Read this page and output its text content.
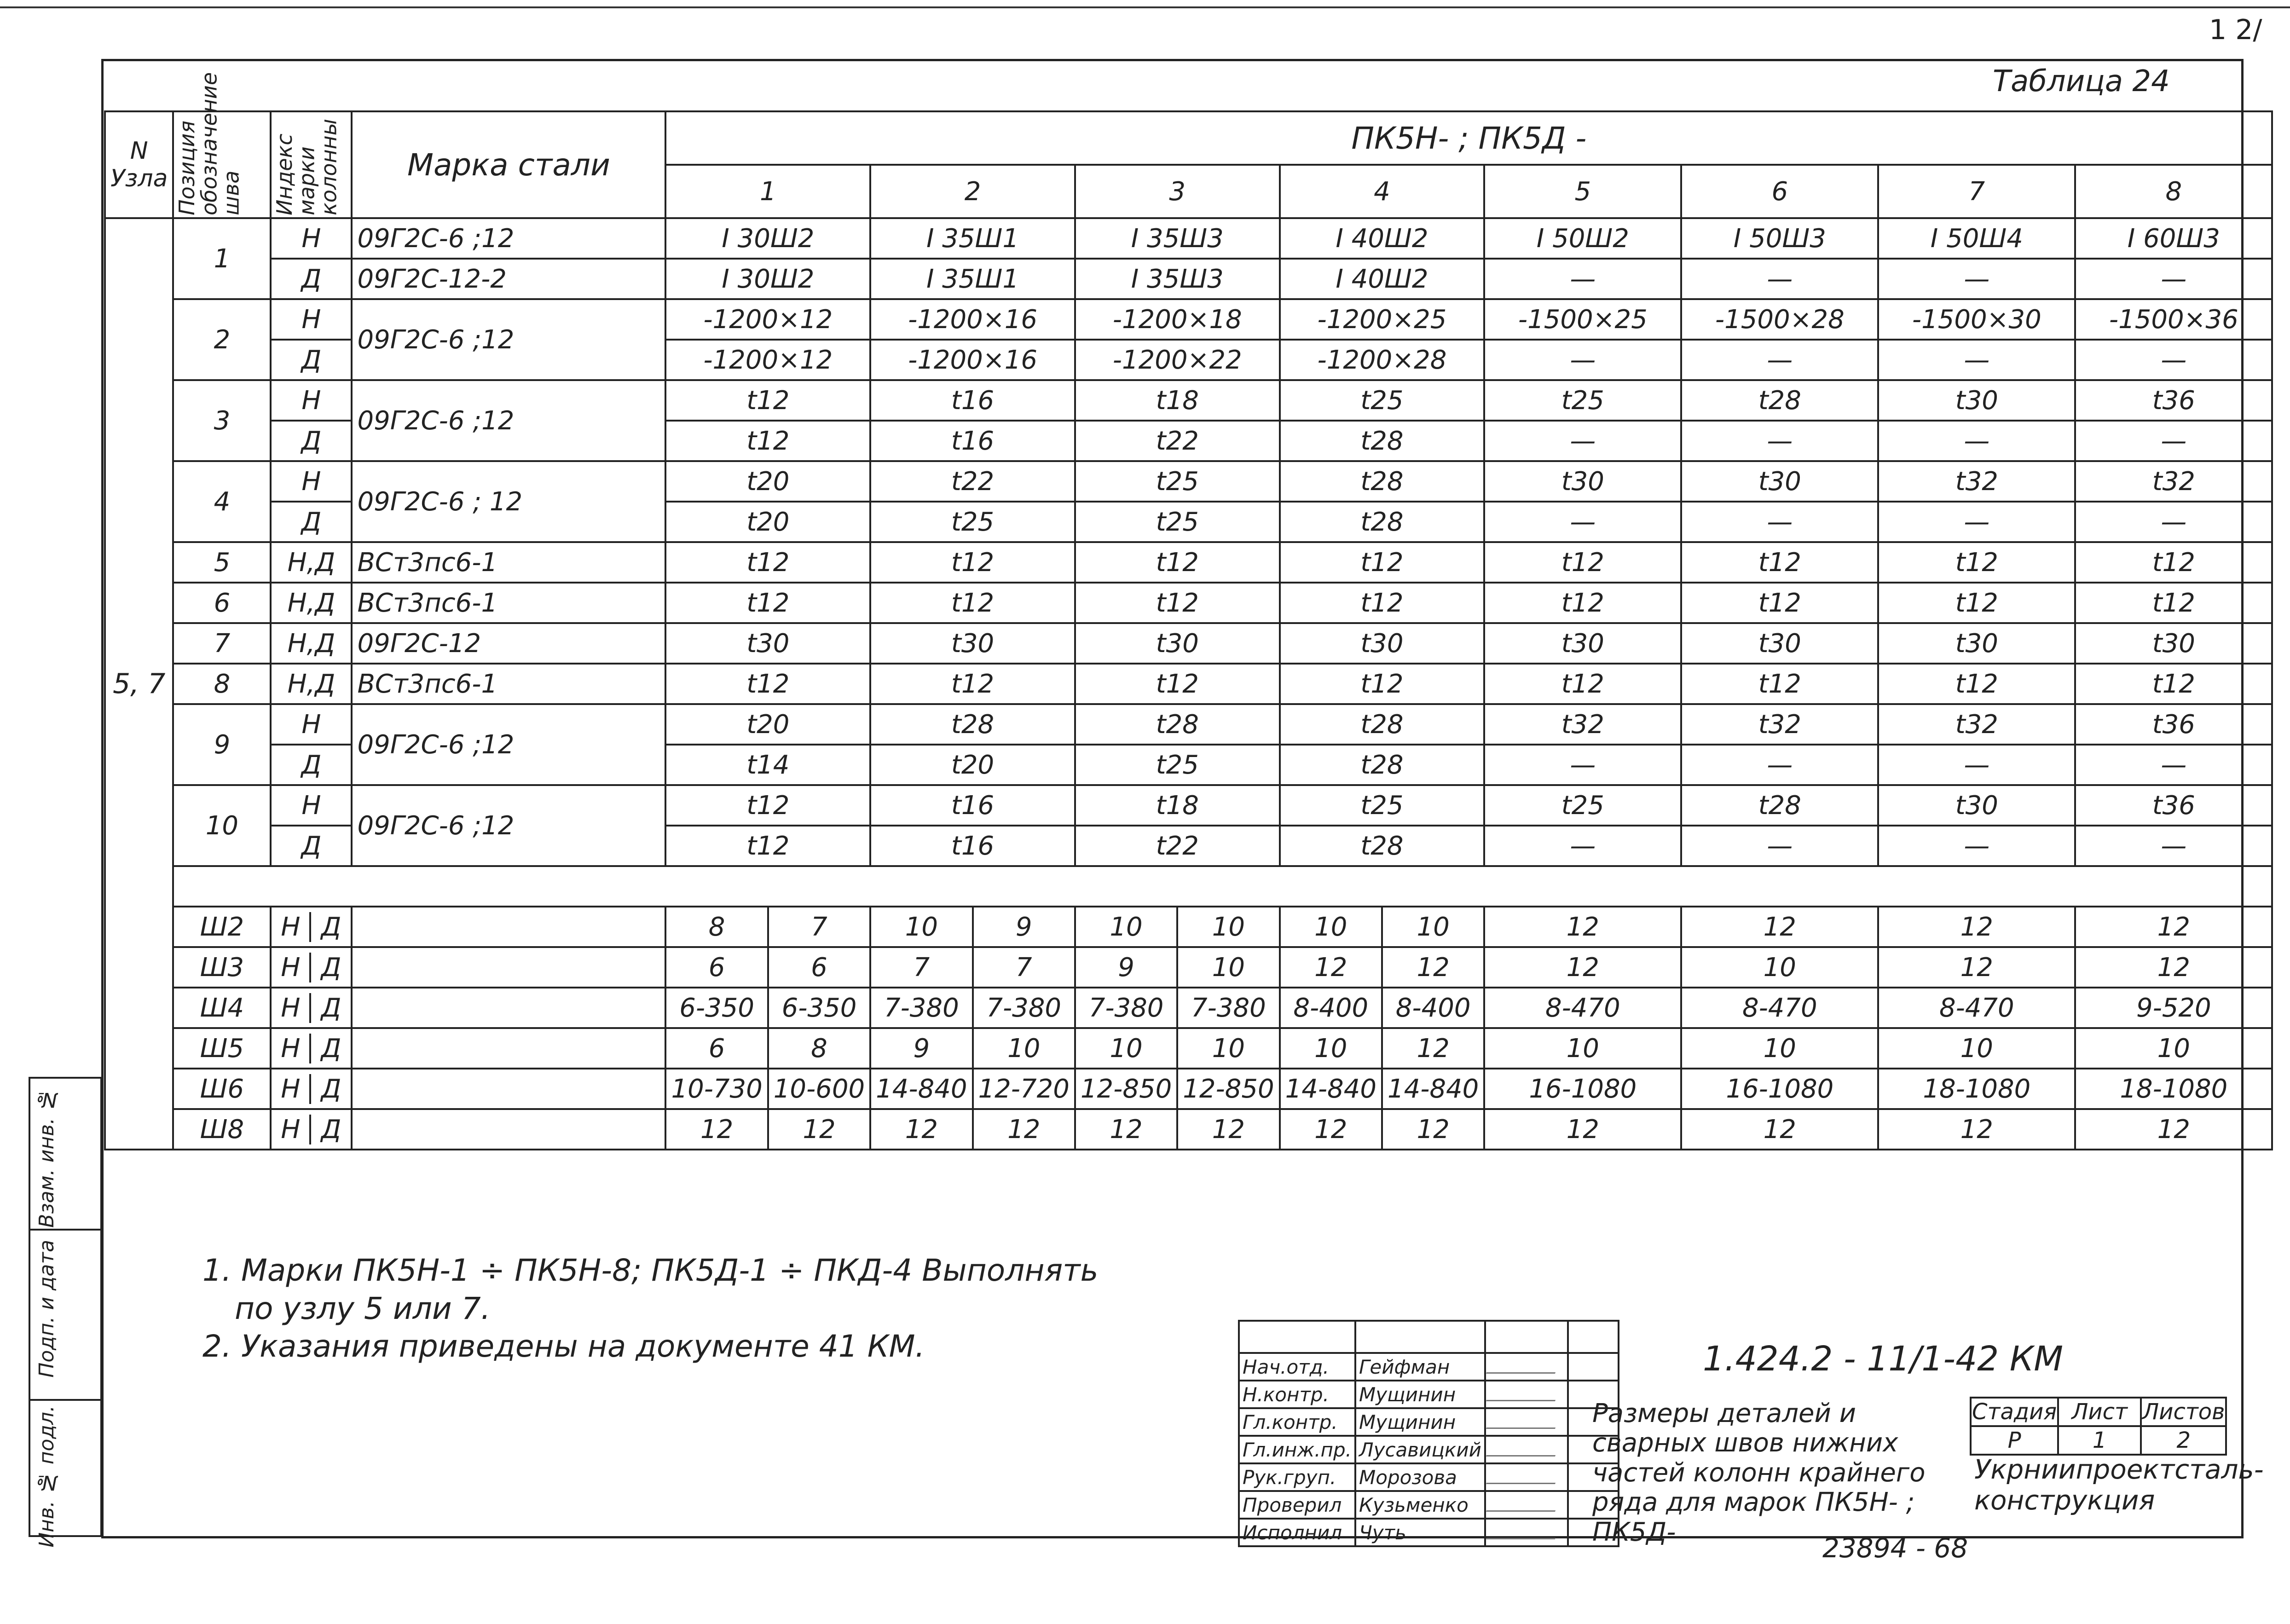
1 2/
Таблица 24
N Узла	Позиция обозначение шва	Индекс марки колонны	Марка стали	ПК5Н- ; ПК5Д -											
				1		2		3		4		5	6	7	8
5, 7	1	Н	09Г2С-6 ;12	I 30Ш2		I 35Ш1		I 35Ш3		I 40Ш2		I 50Ш2	I 50Ш3	I 50Ш4	I 60Ш3
		Д	09Г2С-12-2	I 30Ш2		I 35Ш1		I 35Ш3		I 40Ш2		—	—	—	—
	2	Н	09Г2С-6 ;12	-1200×12		-1200×16		-1200×18		-1200×25		-1500×25	-1500×28	-1500×30	-1500×36
		Д		-1200×12		-1200×16		-1200×22		-1200×28		—	—	—	—
	3	Н	09Г2С-6 ;12	t12		t16		t18		t25		t25	t28	t30	t36
		Д		t12		t16		t22		t28		—	—	—	—
	4	Н	09Г2С-6 ; 12	t20		t22		t25		t28		t30	t30	t32	t32
		Д		t20		t25		t25		t28		—	—	—	—
	5	Н,Д	ВСт3пс6-1	t12		t12		t12		t12		t12	t12	t12	t12
	6	Н,Д	ВСт3пс6-1	t12		t12		t12		t12		t12	t12	t12	t12
	7	Н,Д	09Г2С-12	t30		t30		t30		t30		t30	t30	t30	t30
	8	Н,Д	ВСт3пс6-1	t12		t12		t12		t12		t12	t12	t12	t12
	9	Н	09Г2С-6 ;12	t20		t28		t28		t28		t32	t32	t32	t36
		Д		t14		t20		t25		t28		—	—	—	—
	10	Н	09Г2С-6 ;12	t12		t16		t18		t25		t25	t28	t30	t36
		Д		t12		t16		t22		t28		—	—	—	—

	Ш2	Н Д		8	7	10	9	10	10	10	10	12	12	12	12
	Ш3	Н Д		6	6	7	7	9	10	12	12	12	10	12	12
	Ш4	Н Д		6-350	6-350	7-380	7-380	7-380	7-380	8-400	8-400	8-470	8-470	8-470	9-520
	Ш5	Н Д		6	8	9	10	10	10	10	12	10	10	10	10
	Ш6	Н Д		10-730	10-600	14-840	12-720	12-850	12-850	14-840	14-840	16-1080	16-1080	18-1080	18-1080
	Ш8	Н Д		12	12	12	12	12	12	12	12	12	12	12	12
1. Марки ПК5Н-1 ÷ ПК5Н-8; ПК5Д-1 ÷ ПКД-4 Выполнять
по узлу 5 или 7.
2. Указания приведены на документе 41 КМ.

Нач.отд.	Гейфман		
Н.контр.	Мущинин		
Гл.контр.	Мущинин		
Гл.инж.пр.	Лусавицкий		
Рук.груп.	Морозова		
Проверил	Кузьменко		
Исполнил	Чуть		
1.424.2 - 11/1-42 КМ
Размеры деталей и сварных швов нижних частей колонн крайнего ряда для марок ПК5Н- ; ПК5Д-
Стадия	Лист	Листов
Р	1	2
Укрниипроектсталь- конструкция
Взам. инв. №
Подп. и дата
Инв. № подл.
23894 - 68
